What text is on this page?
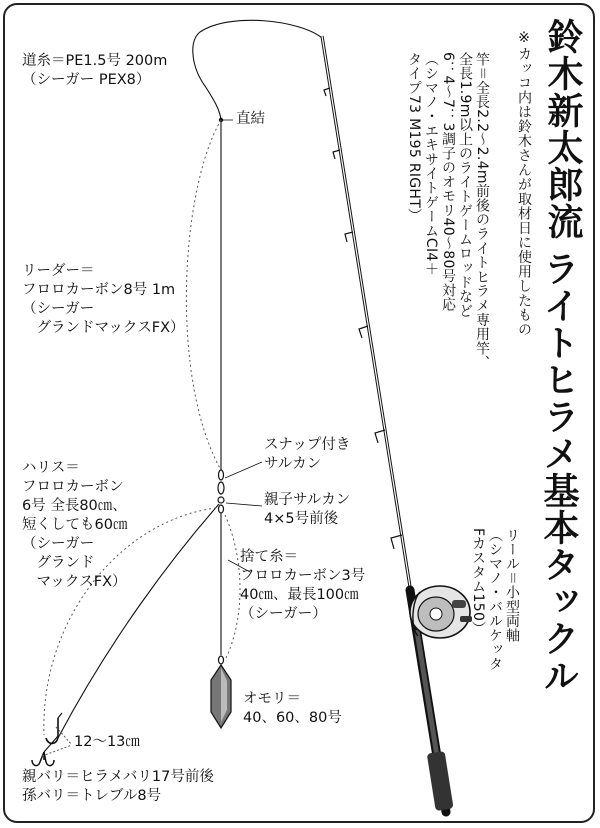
鈴木新太郎流
ライトヒラメ基本タックル
※カッコ内は鈴木さんが取材日に使用したもの
竿＝全長2.2〜2.4m前後のライトヒラメ専用竿、
全長1.9m以上のライトゲームロッドなど
6：4〜7：3調子のオモリ40〜80号対応
（シマノ・エキサイトゲームCI4＋
タイプ73 M195 RIGHT）
リール＝小型両軸
（シマノ・バルケッタ
Fカスタム150）
道糸＝PE1.5号 200m
（シーガー PEX8）
直結
リーダー＝
フロロカーボン8号 1m
（シーガー
　グランドマックスFX）
スナップ付き
サルカン
親子サルカン
4×5号前後
ハリス＝
フロロカーボン
6号 全長80㎝、
短くしても60㎝
（シーガー
　グランド
　マックスFX）
捨て糸＝
フロロカーボン3号
40㎝、最長100㎝
（シーガー）
オモリ＝
40、60、80号
12〜13㎝
親バリ＝ヒラメバリ17号前後
孫バリ＝トレブル8号
